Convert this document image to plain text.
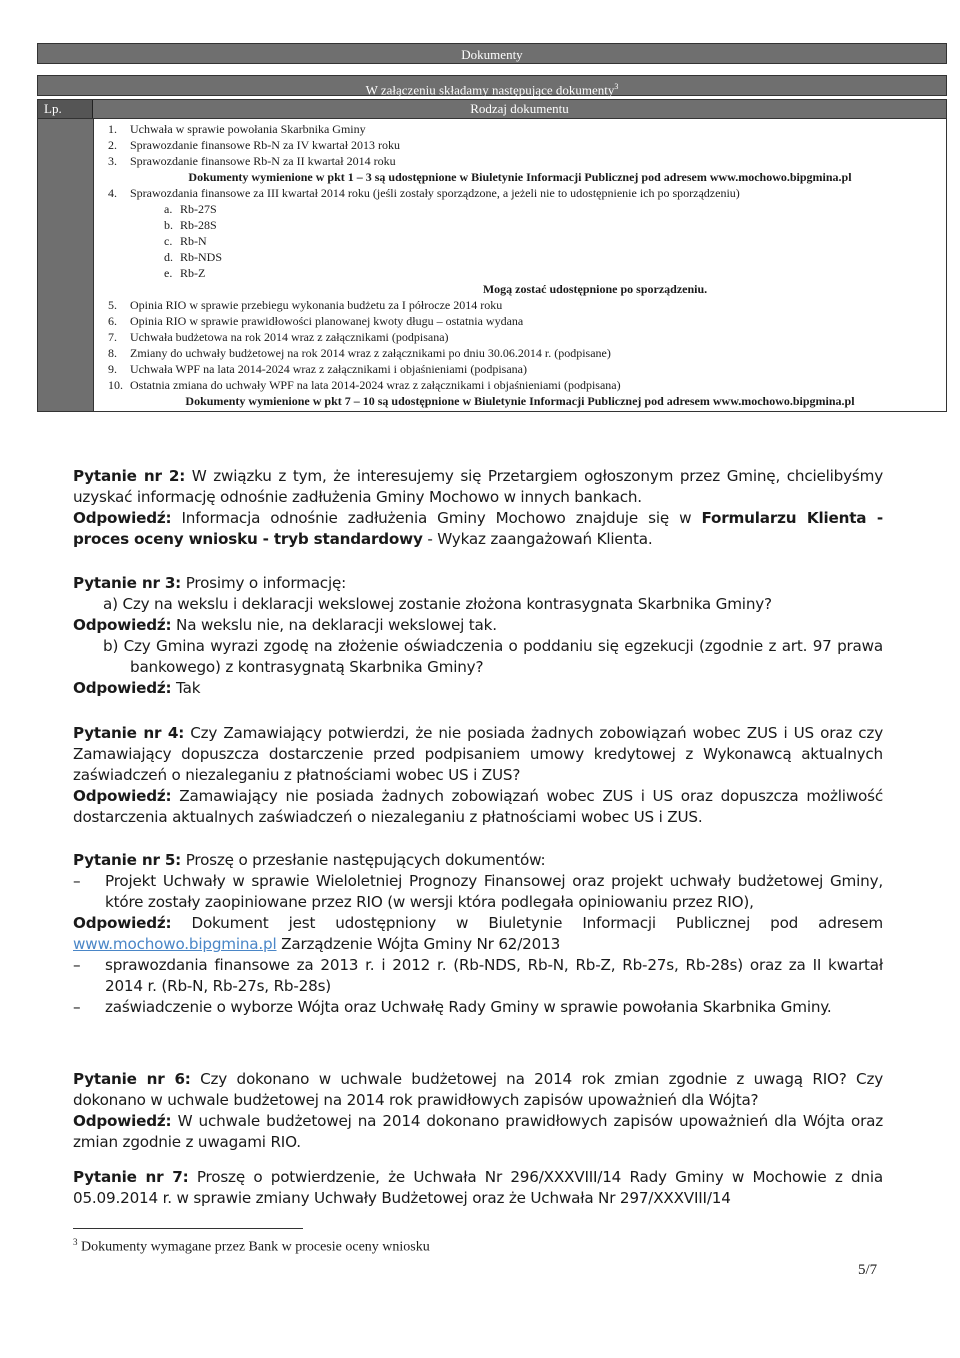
Dokumenty
W załączeniu składamy następujące dokumenty$^3$
Lp.	Rodzaj dokumentu
1. Uchwała w sprawie powołania Skarbnika Gminy
2. Sprawozdanie finansowe Rb-N za IV kwartał 2013 roku
3. Sprawozdanie finansowe Rb-N za II kwartał 2014 roku
Dokumenty wymienione w pkt 1 – 3 są udostępnione w Biuletynie Informacji Publicznej pod adresem www.mochowo.bipgmina.pl
4. Sprawozdania finansowe za III kwartał 2014 roku (jeśli zostały sporządzone, a jeżeli nie to udostępnienie ich po sporządzeniu)
a. Rb-27S
b. Rb-28S
c. Rb-N
d. Rb-NDS
e. Rb-Z
Mogą zostać udostępnione po sporządzeniu.
5. Opinia RIO w sprawie przebiegu wykonania budżetu za I półrocze 2014 roku
6. Opinia RIO w sprawie prawidłowości planowanej kwoty długu – ostatnia wydana
7. Uchwała budżetowa na rok 2014 wraz z załącznikami (podpisana)
8. Zmiany do uchwały budżetowej na rok 2014 wraz z załącznikami po dniu 30.06.2014 r. (podpisane)
9. Uchwała WPF na lata 2014-2024 wraz z załącznikami i objaśnieniami (podpisana)
10. Ostatnia zmiana do uchwały WPF na lata 2014-2024 wraz z załącznikami i objaśnieniami (podpisana)
Dokumenty wymienione w pkt 7 – 10 są udostępnione w Biuletynie Informacji Publicznej pod adresem www.mochowo.bipgmina.pl
Pytanie nr 2: W związku z tym, że interesujemy się Przetargiem ogłoszonym przez Gminę, chcielibyśmy uzyskać informację odnośnie zadłużenia Gminy Mochowo w innych bankach.
Odpowiedź: Informacja odnośnie zadłużenia Gminy Mochowo znajduje się w Formularzu Klienta - proces oceny wniosku - tryb standardowy - Wykaz zaangażowań Klienta.
Pytanie nr 3: Prosimy o informację:
a) Czy na wekslu i deklaracji wekslowej zostanie złożona kontrasygnata Skarbnika Gminy?
Odpowiedź: Na wekslu nie, na deklaracji wekslowej tak.
b) Czy Gmina wyrazi zgodę na złożenie oświadczenia o poddaniu się egzekucji (zgodnie z art. 97 prawa bankowego) z kontrasygnatą Skarbnika Gminy?
Odpowiedź: Tak
Pytanie nr 4: Czy Zamawiający potwierdzi, że nie posiada żadnych zobowiązań wobec ZUS i US oraz czy Zamawiający dopuszcza dostarczenie przed podpisaniem umowy kredytowej z Wykonawcą aktualnych zaświadczeń o niezaleganiu z płatnościami wobec US i ZUS?
Odpowiedź: Zamawiający nie posiada żadnych zobowiązań wobec ZUS i US oraz dopuszcza możliwość dostarczenia aktualnych zaświadczeń o niezaleganiu z płatnościami wobec US i ZUS.
Pytanie nr 5: Proszę o przesłanie następujących dokumentów:
– Projekt Uchwały w sprawie Wieloletniej Prognozy Finansowej oraz projekt uchwały budżetowej Gminy, które zostały zaopiniowane przez RIO (w wersji która podlegała opiniowaniu przez RIO),
Odpowiedź: Dokument jest udostępniony w Biuletynie Informacji Publicznej pod adresem www.mochowo.bipgmina.pl Zarządzenie Wójta Gminy Nr 62/2013
– sprawozdania finansowe za 2013 r. i 2012 r. (Rb-NDS, Rb-N, Rb-Z, Rb-27s, Rb-28s) oraz za II kwartał 2014 r. (Rb-N, Rb-27s, Rb-28s)
– zaświadczenie o wyborze Wójta oraz Uchwałę Rady Gminy w sprawie powołania Skarbnika Gminy.
Pytanie nr 6: Czy dokonano w uchwale budżetowej na 2014 rok zmian zgodnie z uwagą RIO? Czy dokonano w uchwale budżetowej na 2014 rok prawidłowych zapisów upoważnień dla Wójta?
Odpowiedź: W uchwale budżetowej na 2014 dokonano prawidłowych zapisów upoważnień dla Wójta oraz zmian zgodnie z uwagami RIO.
Pytanie nr 7: Proszę o potwierdzenie, że Uchwała Nr 296/XXXVIII/14 Rady Gminy w Mochowie z dnia 05.09.2014 r. w sprawie zmiany Uchwały Budżetowej oraz że Uchwała Nr 297/XXXVIII/14
$^3$ Dokumenty wymagane przez Bank w procesie oceny wniosku
5/7
